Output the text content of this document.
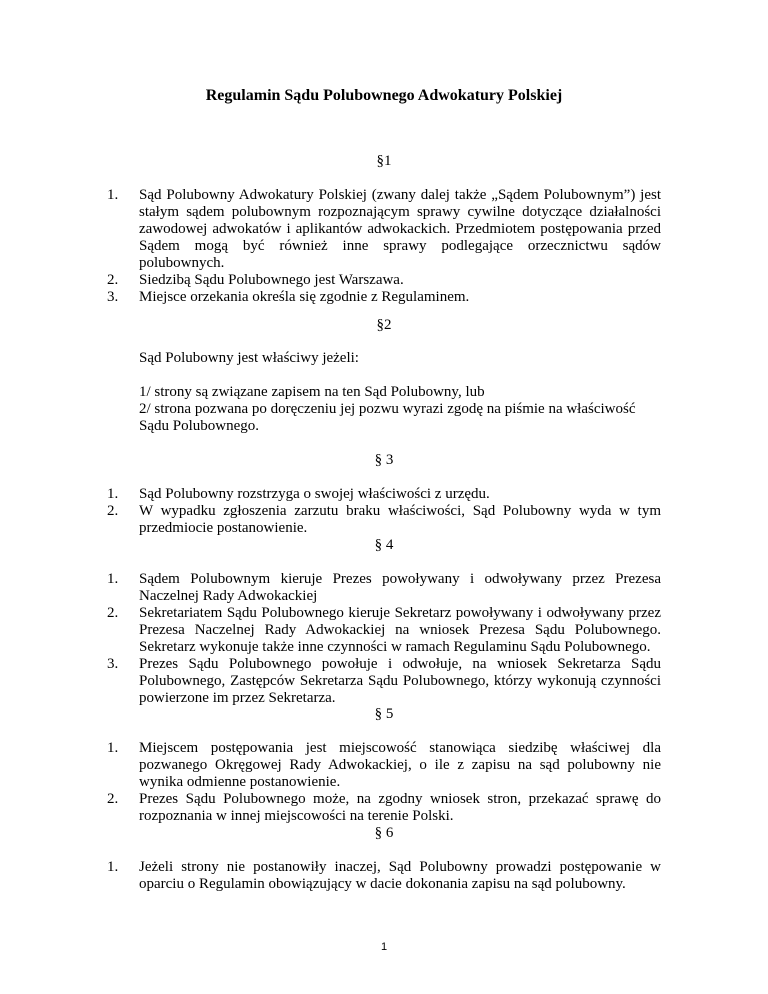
Regulamin Sądu Polubownego Adwokatury Polskiej
§1
1. Sąd Polubowny Adwokatury Polskiej (zwany dalej także „Sądem Polubownym”) jest stałym sądem polubownym rozpoznającym sprawy cywilne dotyczące działalności zawodowej adwokatów i aplikantów adwokackich. Przedmiotem postępowania przed Sądem mogą być również inne sprawy podlegające orzecznictwu sądów polubownych.
2. Siedzibą Sądu Polubownego jest Warszawa.
3. Miejsce orzekania określa się zgodnie z Regulaminem.
§2
Sąd Polubowny jest właściwy jeżeli:
1/ strony są związane zapisem na ten Sąd Polubowny, lub
2/ strona pozwana po doręczeniu jej pozwu wyrazi zgodę na piśmie na właściwość Sądu Polubownego.
§ 3
1. Sąd Polubowny rozstrzyga o swojej właściwości z urzędu.
2. W wypadku zgłoszenia zarzutu braku właściwości, Sąd Polubowny wyda w tym przedmiocie postanowienie.
§ 4
1. Sądem Polubownym kieruje Prezes powoływany i odwoływany przez Prezesa Naczelnej Rady Adwokackiej
2. Sekretariatem Sądu Polubownego kieruje Sekretarz powoływany i odwoływany przez Prezesa Naczelnej Rady Adwokackiej na wniosek Prezesa Sądu Polubownego. Sekretarz wykonuje także inne czynności w ramach Regulaminu Sądu Polubownego.
3. Prezes Sądu Polubownego powołuje i odwołuje, na wniosek Sekretarza Sądu Polubownego, Zastępców Sekretarza Sądu Polubownego, którzy wykonują czynności powierzone im przez Sekretarza.
§ 5
1. Miejscem postępowania jest miejscowość stanowiąca siedzibę właściwej dla pozwanego Okręgowej Rady Adwokackiej, o ile z zapisu na sąd polubowny nie wynika odmienne postanowienie.
2. Prezes Sądu Polubownego może, na zgodny wniosek stron, przekazać sprawę do rozpoznania w innej miejscowości na terenie Polski.
§ 6
1. Jeżeli strony nie postanowiły inaczej, Sąd Polubowny prowadzi postępowanie w oparciu o Regulamin obowiązujący w dacie dokonania zapisu na sąd polubowny.
1
